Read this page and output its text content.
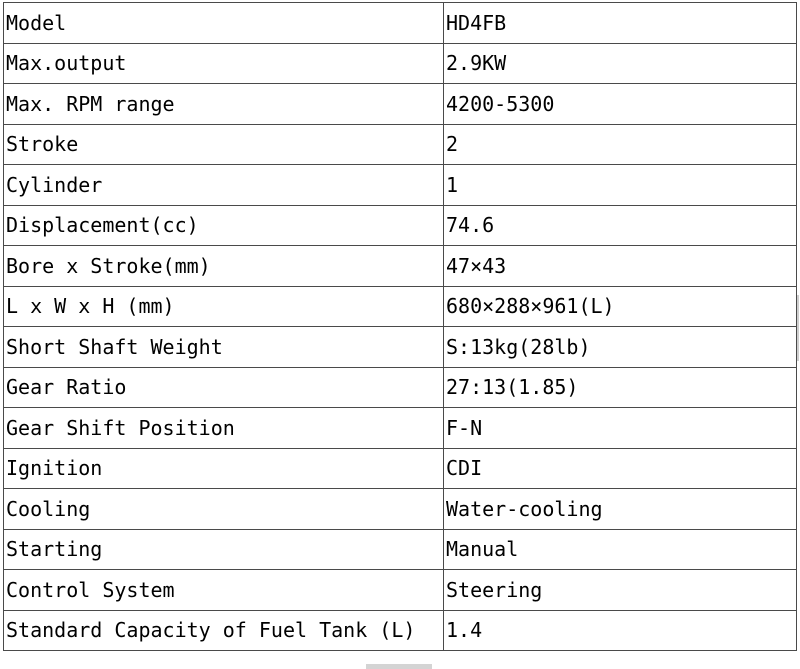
Model	HD4FB
Max.output	2.9KW
Max. RPM range	4200-5300
Stroke	2
Cylinder	1
Displacement(cc)	74.6
Bore x Stroke(mm)	47×43
L x W x H (mm)	680×288×961(L)
Short Shaft Weight	S:13kg(28lb)
Gear Ratio	27:13(1.85)
Gear Shift Position	F-N
Ignition	CDI
Cooling	Water-cooling
Starting	Manual
Control System	Steering
Standard Capacity of Fuel Tank (L)	1.4
